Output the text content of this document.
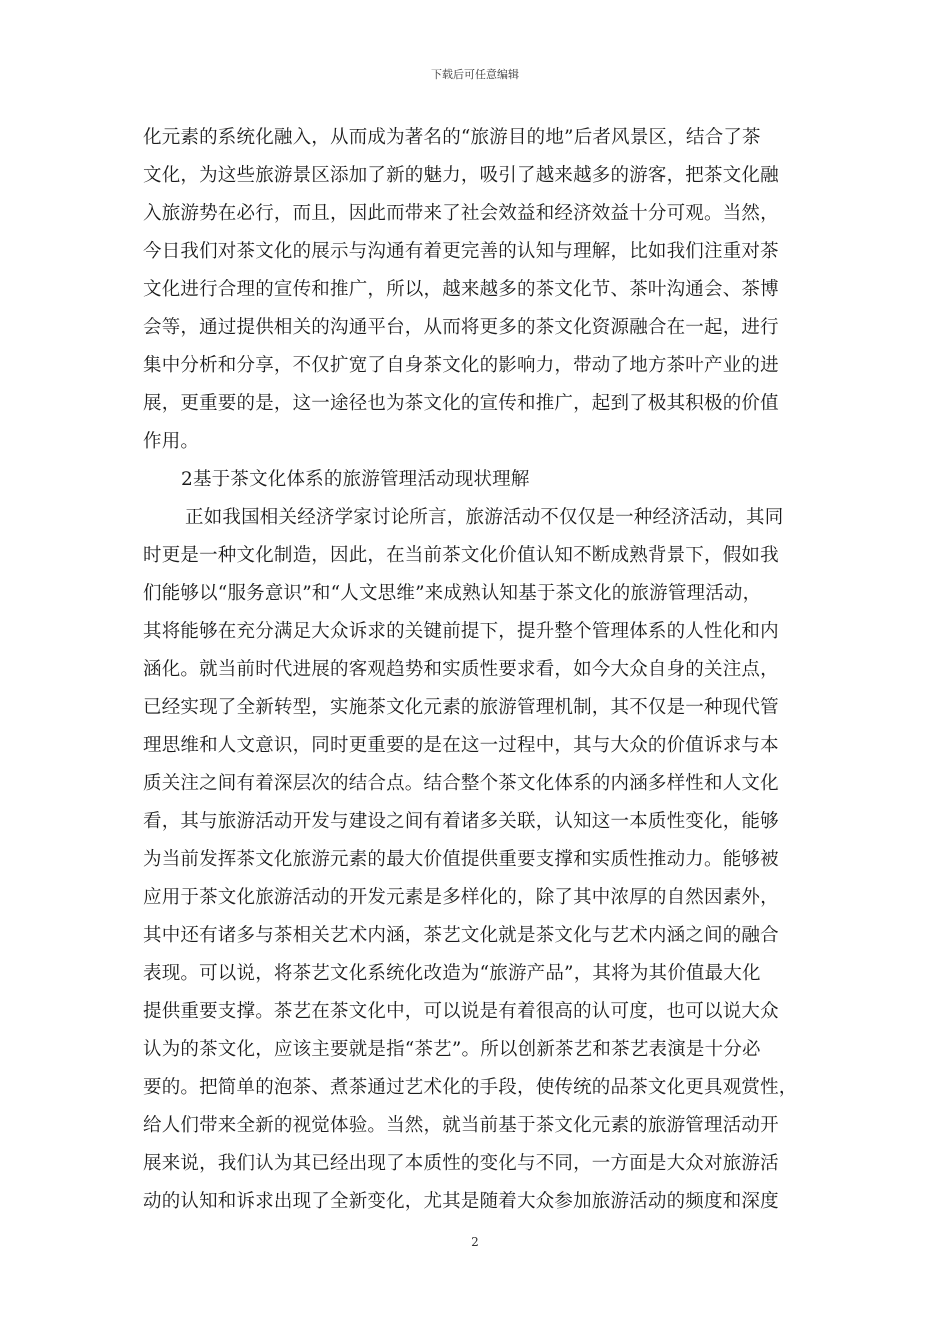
下载后可任意编辑
化元素的系统化融入，从而成为著名的“旅游目的地”后者风景区，结合了茶
文化，为这些旅游景区添加了新的魅力，吸引了越来越多的游客，把茶文化融
入旅游势在必行，而且，因此而带来了社会效益和经济效益十分可观。当然，
今日我们对茶文化的展示与沟通有着更完善的认知与理解，比如我们注重对茶
文化进行合理的宣传和推广，所以，越来越多的茶文化节、茶叶沟通会、茶博
会等，通过提供相关的沟通平台，从而将更多的茶文化资源融合在一起，进行
集中分析和分享，不仅扩宽了自身茶文化的影响力，带动了地方茶叶产业的进
展，更重要的是，这一途径也为茶文化的宣传和推广，起到了极其积极的价值
作用。
2基于茶文化体系的旅游管理活动现状理解
正如我国相关经济学家讨论所言，旅游活动不仅仅是一种经济活动，其同
时更是一种文化制造，因此，在当前茶文化价值认知不断成熟背景下，假如我
们能够以“服务意识”和“人文思维”来成熟认知基于茶文化的旅游管理活动，
其将能够在充分满足大众诉求的关键前提下，提升整个管理体系的人性化和内
涵化。就当前时代进展的客观趋势和实质性要求看，如今大众自身的关注点，
已经实现了全新转型，实施茶文化元素的旅游管理机制，其不仅是一种现代管
理思维和人文意识，同时更重要的是在这一过程中，其与大众的价值诉求与本
质关注之间有着深层次的结合点。结合整个茶文化体系的内涵多样性和人文化
看，其与旅游活动开发与建设之间有着诸多关联，认知这一本质性变化，能够
为当前发挥茶文化旅游元素的最大价值提供重要支撑和实质性推动力。能够被
应用于茶文化旅游活动的开发元素是多样化的，除了其中浓厚的自然因素外，
其中还有诸多与茶相关艺术内涵，茶艺文化就是茶文化与艺术内涵之间的融合
表现。可以说，将茶艺文化系统化改造为“旅游产品”，其将为其价值最大化
提供重要支撑。茶艺在茶文化中，可以说是有着很高的认可度，也可以说大众
认为的茶文化，应该主要就是指“茶艺”。所以创新茶艺和茶艺表演是十分必
要的。把简单的泡茶、煮茶通过艺术化的手段，使传统的品茶文化更具观赏性，
给人们带来全新的视觉体验。当然，就当前基于茶文化元素的旅游管理活动开
展来说，我们认为其已经出现了本质性的变化与不同，一方面是大众对旅游活
动的认知和诉求出现了全新变化，尤其是随着大众参加旅游活动的频度和深度
2
